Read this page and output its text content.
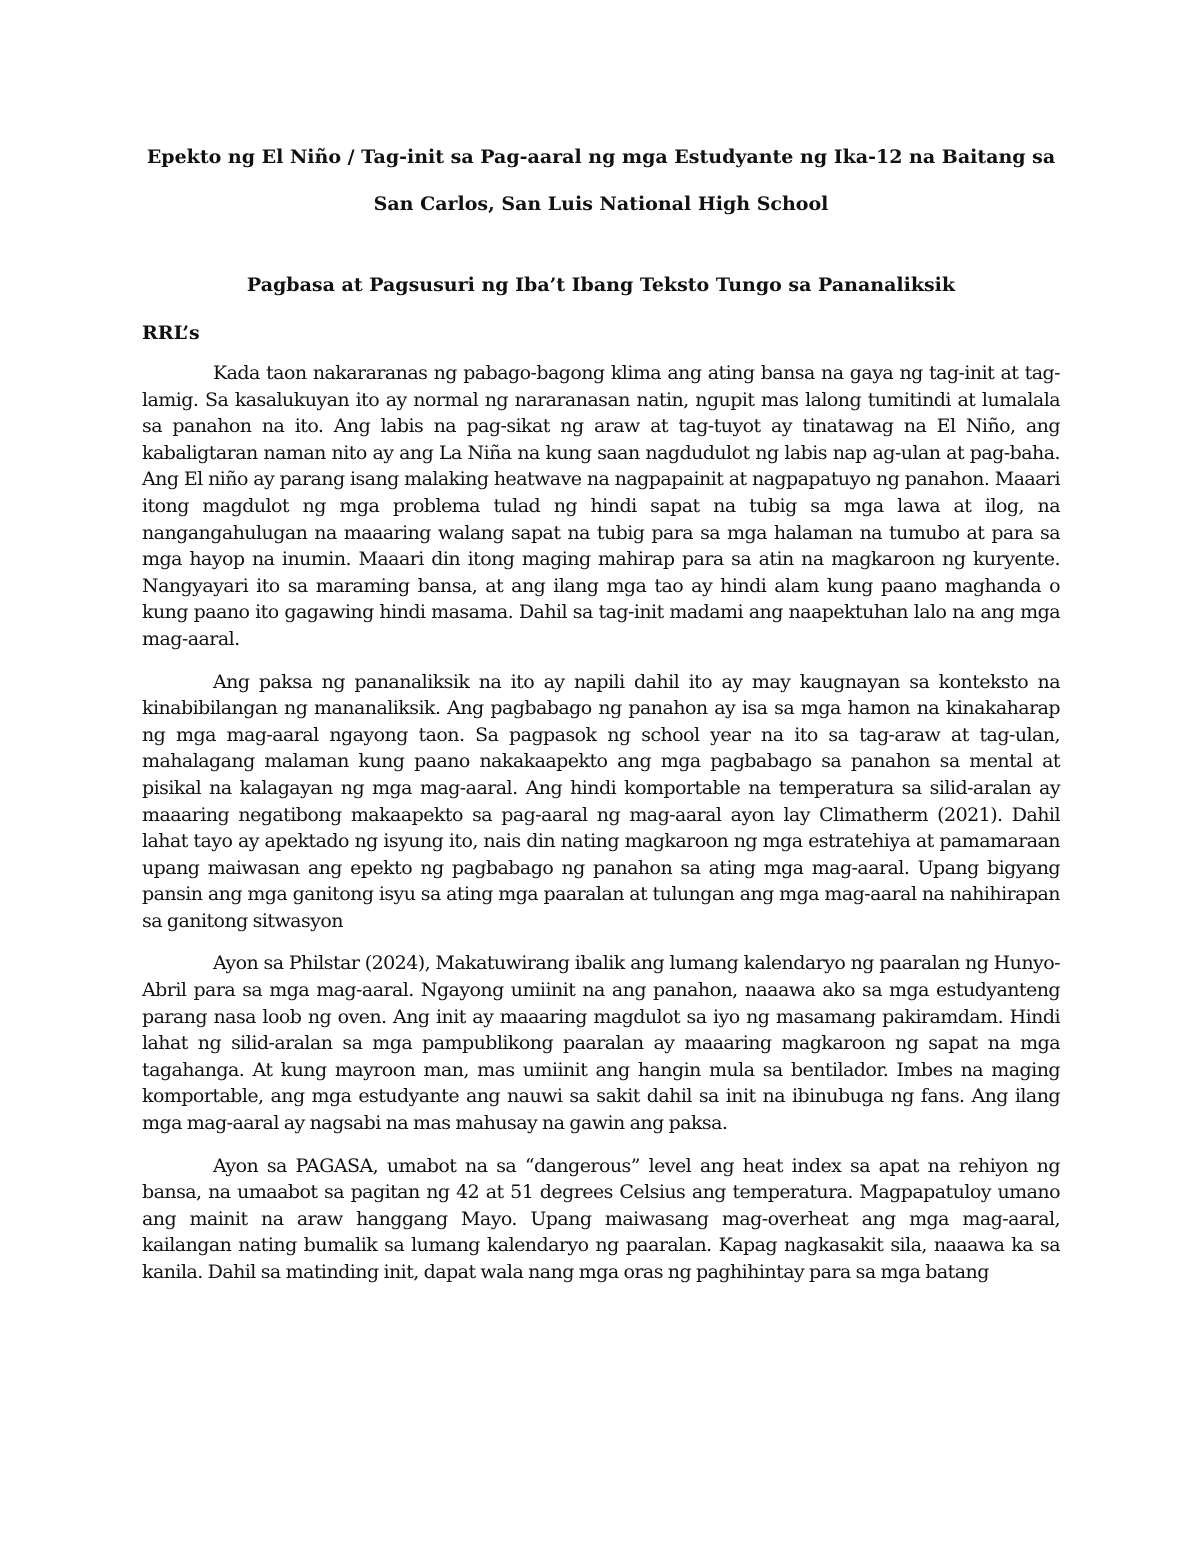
Epekto ng El Niño / Tag-init sa Pag-aaral ng mga Estudyante ng Ika-12 na Baitang sa

San Carlos, San Luis National High School

Pagbasa at Pagsusuri ng Iba’t Ibang Teksto Tungo sa Pananaliksik

RRL’s

Kada taon nakararanas ng pabago-bagong klima ang ating bansa na gaya ng tag-init at tag-lamig. Sa kasalukuyan ito ay normal ng nararanasan natin, ngupit mas lalong tumitindi at lumalala sa panahon na ito. Ang labis na pag-sikat ng araw at tag-tuyot ay tinatawag na El Niño, ang kabaligtaran naman nito ay ang La Niña na kung saan nagdudulot ng labis nap ag-ulan at pag-baha. Ang El niño ay parang isang malaking heatwave na nagpapainit at nagpapatuyo ng panahon. Maaari itong magdulot ng mga problema tulad ng hindi sapat na tubig sa mga lawa at ilog, na nangangahulugan na maaaring walang sapat na tubig para sa mga halaman na tumubo at para sa mga hayop na inumin. Maaari din itong maging mahirap para sa atin na magkaroon ng kuryente. Nangyayari ito sa maraming bansa, at ang ilang mga tao ay hindi alam kung paano maghanda o kung paano ito gagawing hindi masama. Dahil sa tag-init madami ang naapektuhan lalo na ang mga mag-aaral.

Ang paksa ng pananaliksik na ito ay napili dahil ito ay may kaugnayan sa konteksto na kinabibilangan ng mananaliksik. Ang pagbabago ng panahon ay isa sa mga hamon na kinakaharap ng mga mag-aaral ngayong taon. Sa pagpasok ng school year na ito sa tag-araw at tag-ulan, mahalagang malaman kung paano nakakaapekto ang mga pagbabago sa panahon sa mental at pisikal na kalagayan ng mga mag-aaral. Ang hindi komportable na temperatura sa silid-aralan ay maaaring negatibong makaapekto sa pag-aaral ng mag-aaral ayon lay Climatherm (2021). Dahil lahat tayo ay apektado ng isyung ito, nais din nating magkaroon ng mga estratehiya at pamamaraan upang maiwasan ang epekto ng pagbabago ng panahon sa ating mga mag-aaral. Upang bigyang pansin ang mga ganitong isyu sa ating mga paaralan at tulungan ang mga mag-aaral na nahihirapan sa ganitong sitwasyon

Ayon sa Philstar (2024), Makatuwirang ibalik ang lumang kalendaryo ng paaralan ng Hunyo-Abril para sa mga mag-aaral. Ngayong umiinit na ang panahon, naaawa ako sa mga estudyanteng parang nasa loob ng oven. Ang init ay maaaring magdulot sa iyo ng masamang pakiramdam. Hindi lahat ng silid-aralan sa mga pampublikong paaralan ay maaaring magkaroon ng sapat na mga tagahanga. At kung mayroon man, mas umiinit ang hangin mula sa bentilador. Imbes na maging komportable, ang mga estudyante ang nauwi sa sakit dahil sa init na ibinubuga ng fans. Ang ilang mga mag-aaral ay nagsabi na mas mahusay na gawin ang paksa.

Ayon sa PAGASA, umabot na sa “dangerous” level ang heat index sa apat na rehiyon ng bansa, na umaabot sa pagitan ng 42 at 51 degrees Celsius ang temperatura. Magpapatuloy umano ang mainit na araw hanggang Mayo. Upang maiwasang mag-overheat ang mga mag-aaral, kailangan nating bumalik sa lumang kalendaryo ng paaralan. Kapag nagkasakit sila, naaawa ka sa kanila. Dahil sa matinding init, dapat wala nang mga oras ng paghihintay para sa mga batang
